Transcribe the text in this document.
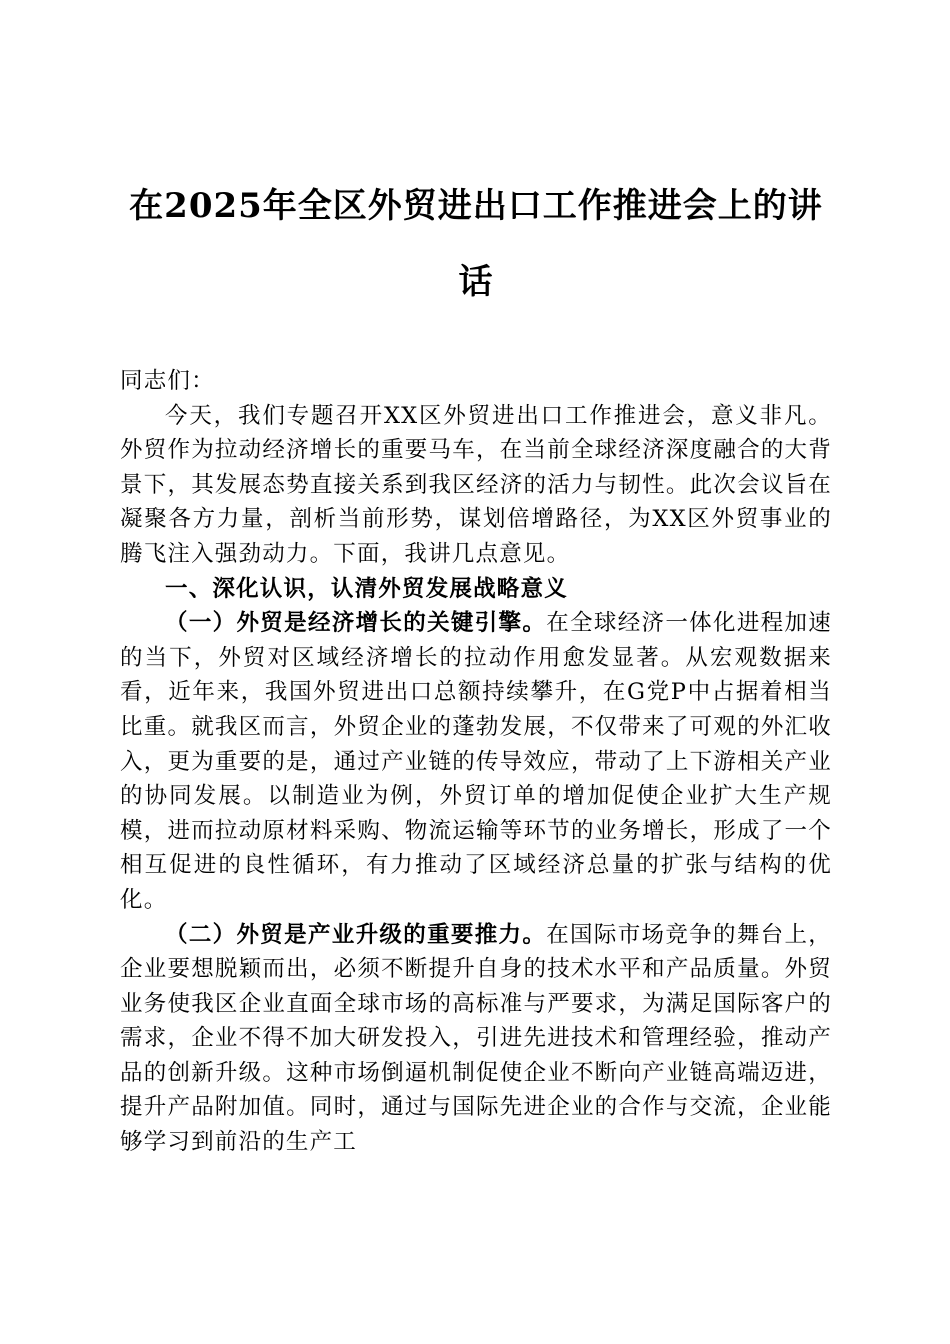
在2025年全区外贸进出口工作推进会上的讲话

同志们：

今天，我们专题召开XX区外贸进出口工作推进会，意义非凡。外贸作为拉动经济增长的重要马车，在当前全球经济深度融合的大背景下，其发展态势直接关系到我区经济的活力与韧性。此次会议旨在凝聚各方力量，剖析当前形势，谋划倍增路径，为XX区外贸事业的腾飞注入强劲动力。下面，我讲几点意见。

一、深化认识，认清外贸发展战略意义

（一）外贸是经济增长的关键引擎。在全球经济一体化进程加速的当下，外贸对区域经济增长的拉动作用愈发显著。从宏观数据来看，近年来，我国外贸进出口总额持续攀升，在G党P中占据着相当比重。就我区而言，外贸企业的蓬勃发展，不仅带来了可观的外汇收入，更为重要的是，通过产业链的传导效应，带动了上下游相关产业的协同发展。以制造业为例，外贸订单的增加促使企业扩大生产规模，进而拉动原材料采购、物流运输等环节的业务增长，形成了一个相互促进的良性循环，有力推动了区域经济总量的扩张与结构的优化。

（二）外贸是产业升级的重要推力。在国际市场竞争的舞台上，企业要想脱颖而出，必须不断提升自身的技术水平和产品质量。外贸业务使我区企业直面全球市场的高标准与严要求，为满足国际客户的需求，企业不得不加大研发投入，引进先进技术和管理经验，推动产品的创新升级。这种市场倒逼机制促使企业不断向产业链高端迈进，提升产品附加值。同时，通过与国际先进企业的合作与交流，企业能够学习到前沿的生产工
